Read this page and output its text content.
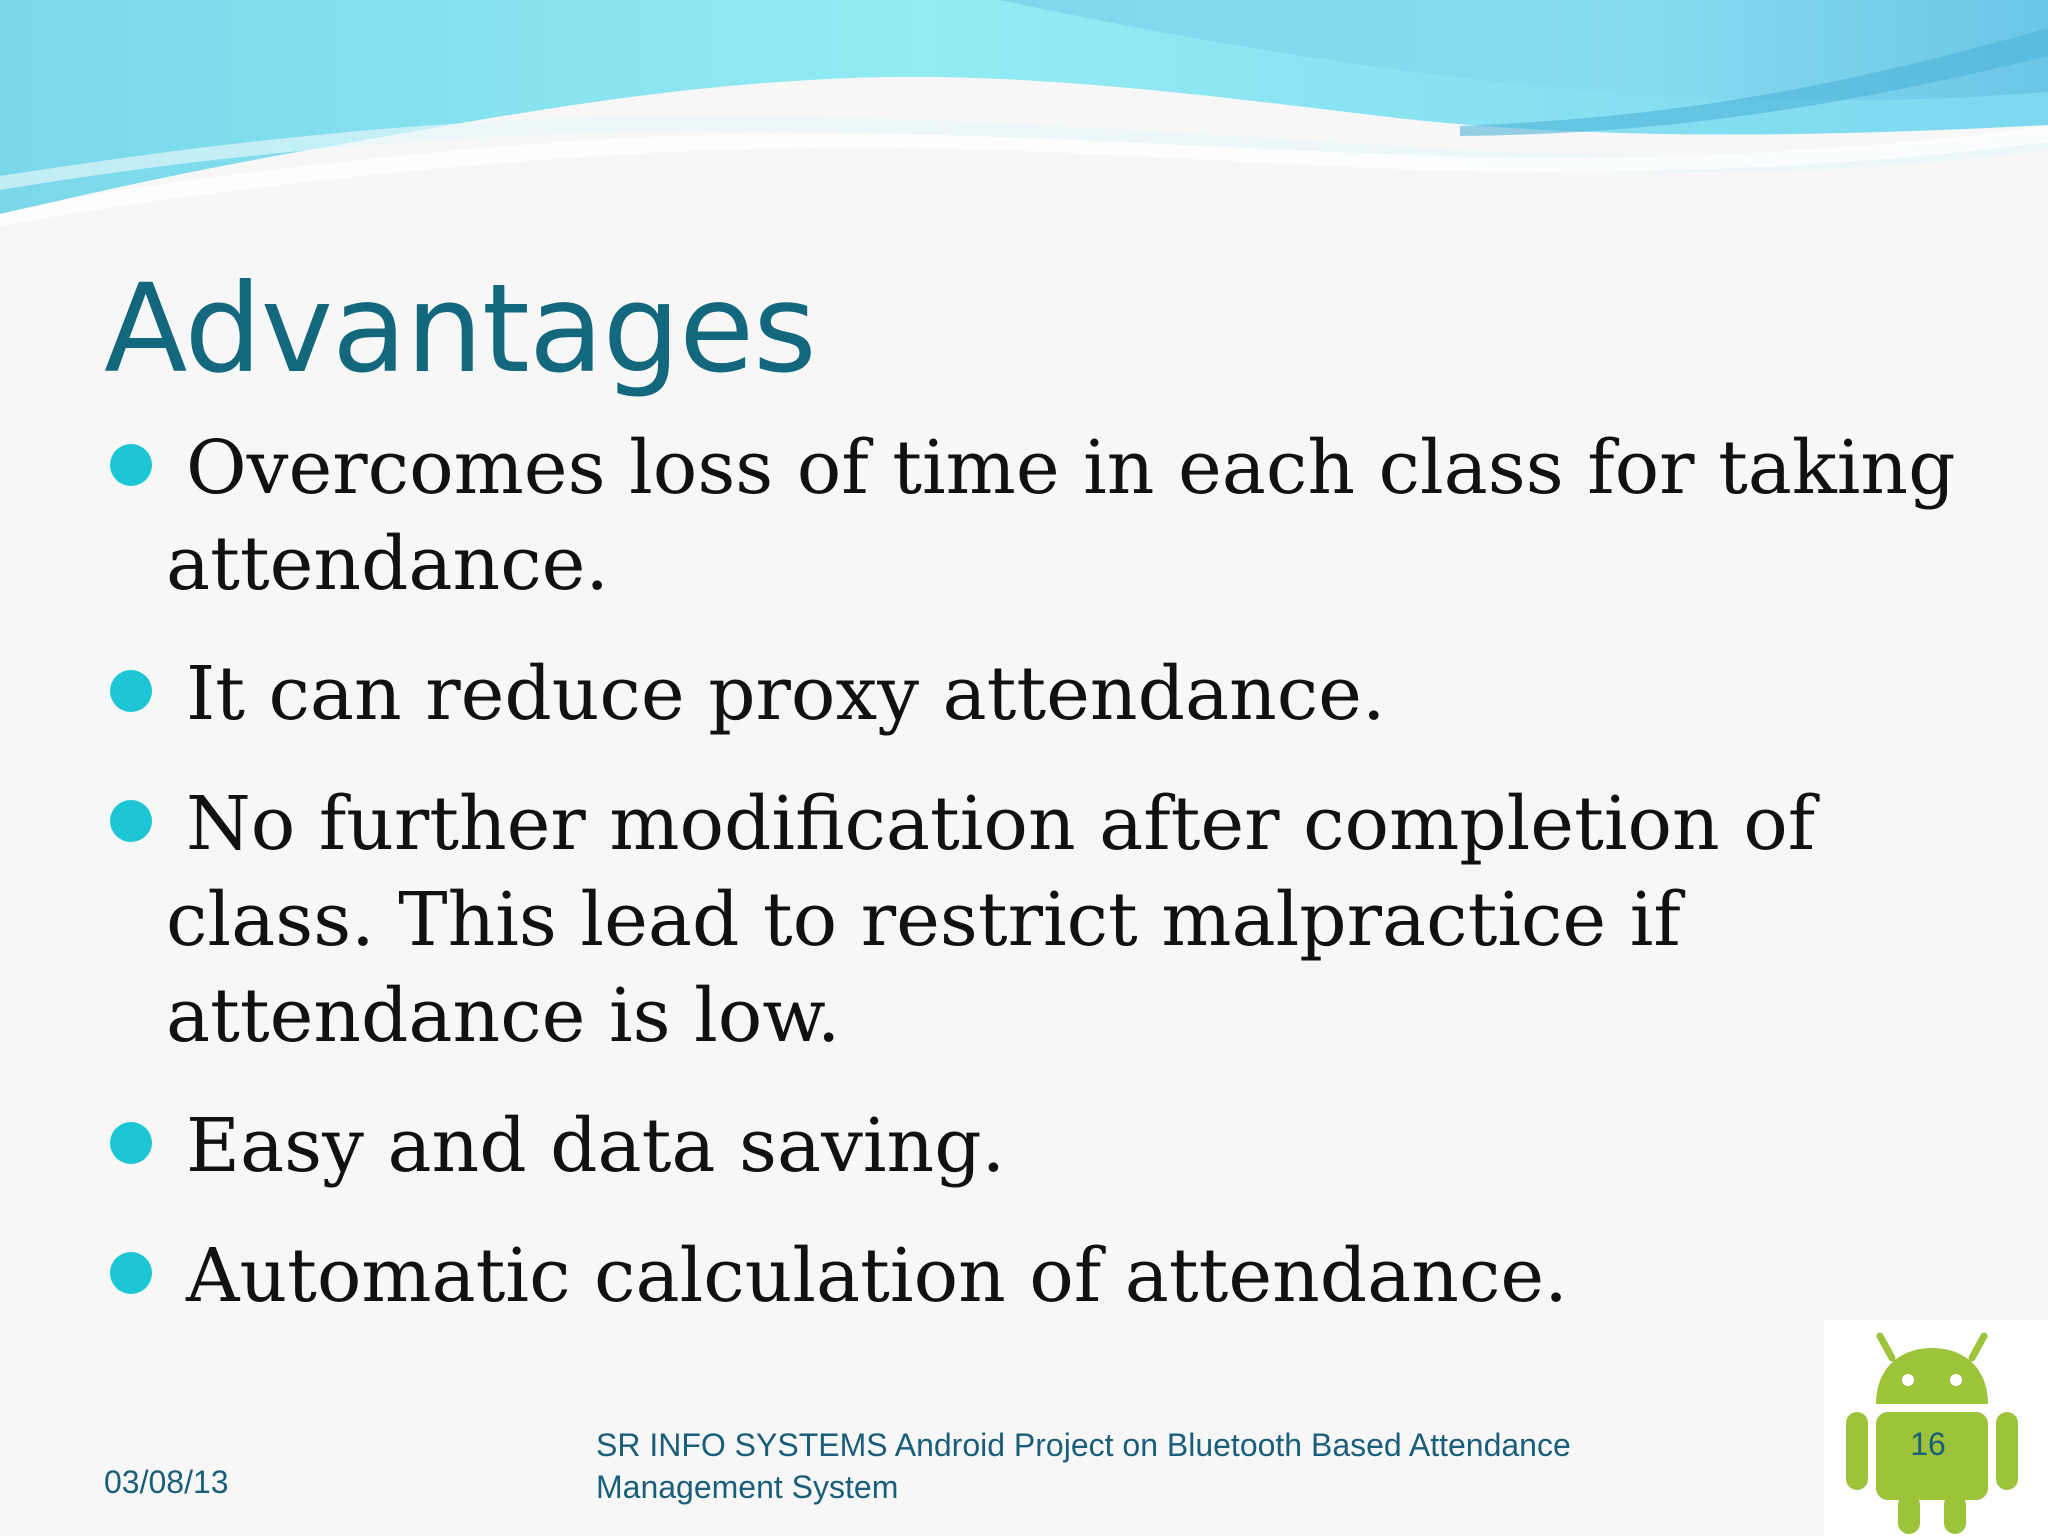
Advantages
Overcomes loss of time in each class for taking attendance.
It can reduce proxy attendance.
No further modification after completion of class. This lead to restrict malpractice if attendance is low.
Easy and data saving.
Automatic calculation of attendance.
03/08/13
SR INFO SYSTEMS Android Project on Bluetooth Based Attendance Management System
16
